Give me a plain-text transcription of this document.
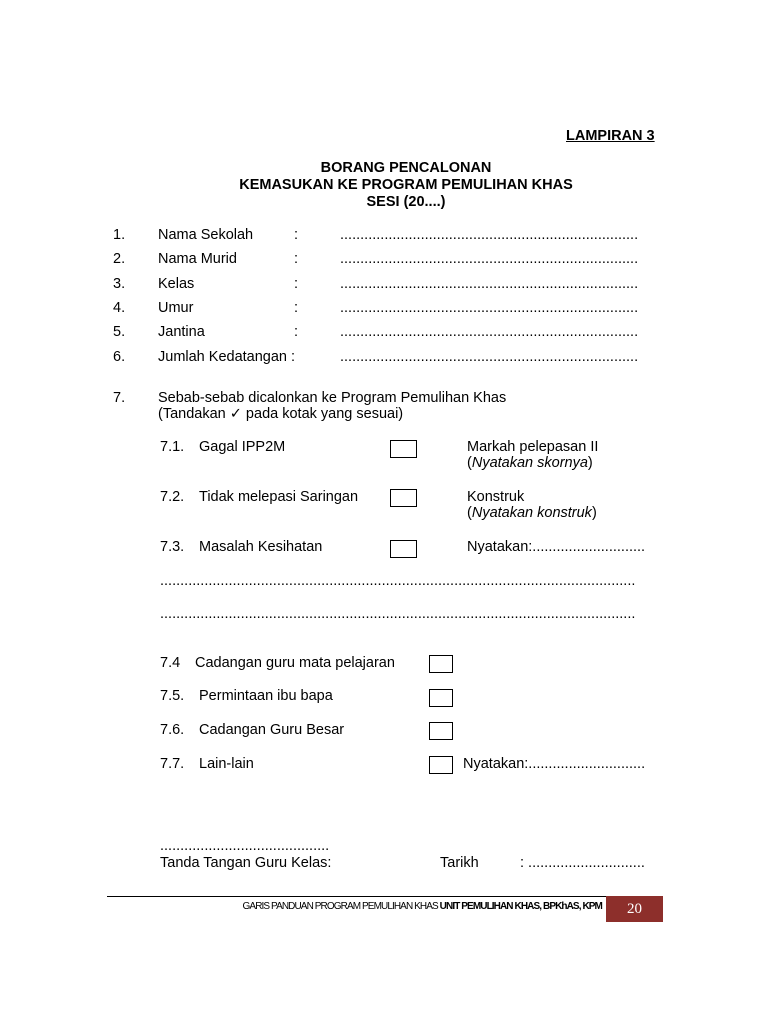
LAMPIRAN 3
BORANG PENCALONAN
KEMASUKAN KE PROGRAM PEMULIHAN KHAS
SESI (20....)
1. Nama Sekolah	:	..........................................................................
2. Nama Murid	:	..........................................................................
3. Kelas	:	..........................................................................
4. Umur	:	..........................................................................
5. Jantina	:	..........................................................................
6. Jumlah Kedatangan :	..........................................................................
7. Sebab-sebab dicalonkan ke Program Pemulihan Khas
(Tandakan ✓ pada kotak yang sesuai)
7.1. Gagal IPP2M	Markah pelepasan II
(Nyatakan skornya)
7.2. Tidak melepasi Saringan	Konstruk
(Nyatakan konstruk)
7.3. Masalah Kesihatan	Nyatakan:............................
......................................................................................................................
......................................................................................................................
7.4 Cadangan guru mata pelajaran
7.5. Permintaan ibu bapa
7.6. Cadangan Guru Besar
7.7. Lain-lain	Nyatakan:.............................
..........................................
Tanda Tangan Guru Kelas:	Tarikh	: .............................
GARIS PANDUAN PROGRAM PEMULIHAN KHAS UNIT PEMULIHAN KHAS, BPKhAS, KPM	20
